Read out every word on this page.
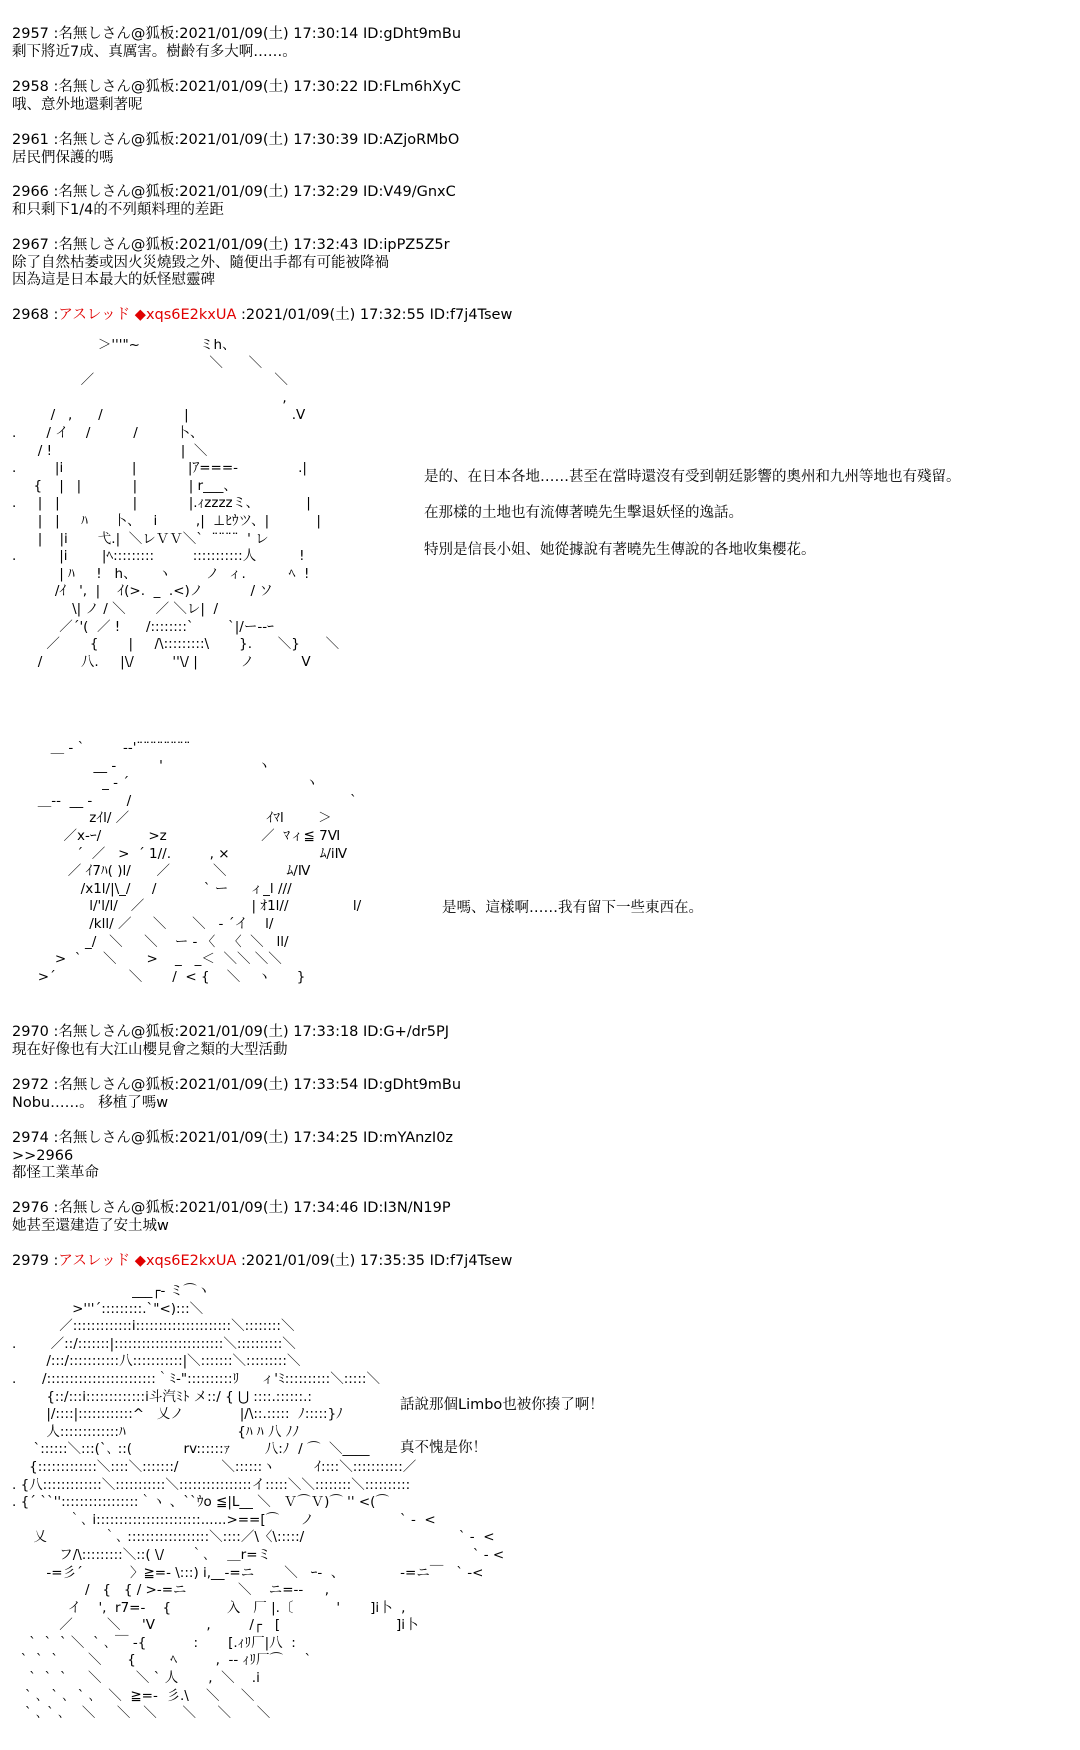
2957 :名無しさん@狐板:2021/01/09(土) 17:30:14 ID:gDht9mBu
剩下將近7成、真厲害。樹齡有多大啊……。
2958 :名無しさん@狐板:2021/01/09(土) 17:30:22 ID:FLm6hXyC
哦、意外地還剩著呢
2961 :名無しさん@狐板:2021/01/09(土) 17:30:39 ID:AZjoRMbO
居民們保護的嗎
2966 :名無しさん@狐板:2021/01/09(土) 17:32:29 ID:V49/GnxC
和只剩下1/4的不列顛料理的差距
2967 :名無しさん@狐板:2021/01/09(土) 17:32:43 ID:ipPZ5Z5r
除了自然枯萎或因火災燒毀之外、隨便出手都有可能被降禍
因為這是日本最大的妖怪慰靈碑
2968 :アスレッド ◆xqs6E2kxUA :2021/01/09(土) 17:32:55 ID:f7j4Tsew
＞'''"~              ミh、
＼      ＼
／                                          ＼
,
/   ,      /                   |                        .V
.       / イ    /          /         卜、
/ !                              |  ＼
.         |i                |            |ｱ===-              .|
{    |   |            |            | r___、
.     |   |                 |            |.ｨzzzzミ、           |
|   |     ﾊ      卜、   i         ,|  ⊥ﾋｳツ、|           |
|    |i       弋.|  ＼レＶＶ＼`  ¨¨¨¨  ' レ
.          |i        |ﾍ:::::::::         :::::::::::人          !
| ﾊ     !   h、     ヽ        ノ  ィ.          ﾍ  !
/ｲ   ',  |    ｲ(>.  _  .<)ノ           / ソ
\| ノ / ＼       ／ ＼レ|  /
／´'(  ／ !      /::::::::`        `|/ー--ｰ
／       {       |     /\:::::::::\       }.      ＼}      ＼
/         八.     |\/         ''\/ |          ノ           V
是的、在日本各地……甚至在當時還沒有受到朝廷影響的奧州和九州等地也有殘留。
在那樣的土地也有流傳著曉先生擊退妖怪的逸話。
特別是信長小姐、她從據說有著曉先生傳說的各地收集櫻花。
＿ - `         -‐'¨¨¨¨¨¨¨¨
__ -          '                      ヽ
_ - ´                                         ヽ
＿-‐  __ -        /                                                   `
zｲl/ ／                                ｲﾏl        ＞
／x-ｰ/           >z                      ／  ﾏィ≦ 7Ⅵ
´  ／   >  ´ 1//.         , ×                     ﾑ/iⅣ
／ ｲ7ﾊ( )l/      ／          ＼              ﾑ/Ⅳ
/x1l/|\_/     /           ` ー     ィ_l ///
l/'l/l/   ／                         | ｵ1l//               l/
/kll/ ／     ＼      ＼   - ´イ    l/
_/   ＼     ＼    ー - 〈   〈  ＼   ll/
>  `     ＼       >    _   _＜  ＼＼ ＼＼
>´                 ＼       /  < {    ＼    ヽ      }
是嗎、這樣啊……我有留下一些東西在。
2970 :名無しさん@狐板:2021/01/09(土) 17:33:18 ID:G+/dr5PJ
現在好像也有大江山櫻見會之類的大型活動
2972 :名無しさん@狐板:2021/01/09(土) 17:33:54 ID:gDht9mBu
Nobu……。 移植了嗎w
2974 :名無しさん@狐板:2021/01/09(土) 17:34:25 ID:mYAnzI0z
>>2966
都怪工業革命
2976 :名無しさん@狐板:2021/01/09(土) 17:34:46 ID:I3N/N19P
她甚至還建造了安土城w
2979 :アスレッド ◆xqs6E2kxUA :2021/01/09(土) 17:35:35 ID:f7j4Tsew
___┌‐ ミ⌒ヽ
>'''´:::::::::.`"<):::＼
／:::::::::::::i:::::::::::::::::::::＼::::::::＼
.        ／::/:::::::|::::::::::::::::::::::::＼::::::::::＼
/:::/:::::::::::八:::::::::::|＼:::::::＼:::::::::＼
.      /::::::::::::::::::::::::｀ﾐ-"::::::::::ﾘ     ィ'ﾐ::::::::::＼:::::＼
{::/:::i:::::::::::::i斗汽ﾐﾄ メ::/ { ⋃ ::::.::::::.:
|/::::|::::::::::::^   乂ノ             |/\::.:::::  ﾉ:::::}ﾉ
人:::::::::::::ﾊ                          {ﾊ ﾊ 八 ﾉﾉ
`::::::＼:::(`､ ::(            rv::::::ｧ        八:ﾉ  / ⌒  ＼____
{:::::::::::::＼::::＼:::::::/          ＼::::::ヽ         ｲ::::＼:::::::::::／
. {八:::::::::::::＼:::::::::::＼::::::::::::::::イ:::::＼＼::::::::＼::::::::::
. {´ ``'':::::::::::::::::｀ヽ 、``ｳo ≦|L__ ＼   Ｖ⌒Ｖ)⌒ '' <(⌒
｀､ i:::::::::::::::::::::::......>==[⌒     ノ                    ` ‐  <
乂             ｀､ ::::::::::::::::::＼::::／\〈\:::::/                                    ` ‐  <
フ/\:::::::::＼::( \/      ｀､    ＿r=ミ                                               ` ‐ <
-=彡´           〉≧=- \:::) i,__-=ニ       ＼   ｰ‐  、             -=ニ￣   ` ‐<
/   {   { / >-=ニ            ＼    ニ=--     ,
イ    ',  r7=-    {             入   厂 |.〔          '       ]i卜  ,
／        ＼     'V            ,         /┌   [                           ]i卜
`  `  ` ＼  ` ､ ￣ -{           :       [.ｨﾘ厂|八  :
`  `  `       ＼      {        ﾍ         ,  -‐ ｨﾘ厂⌒     `
`  `  `     ＼        ＼ ` 人       ,  ＼    .i
` ､  ` ､  ` ､   ＼  ≧=-  彡.\    ＼     ＼
` ､ ` ､    ＼     ＼   ＼      ＼     ＼      ＼
話說那個Limbo也被你揍了啊！
真不愧是你！
